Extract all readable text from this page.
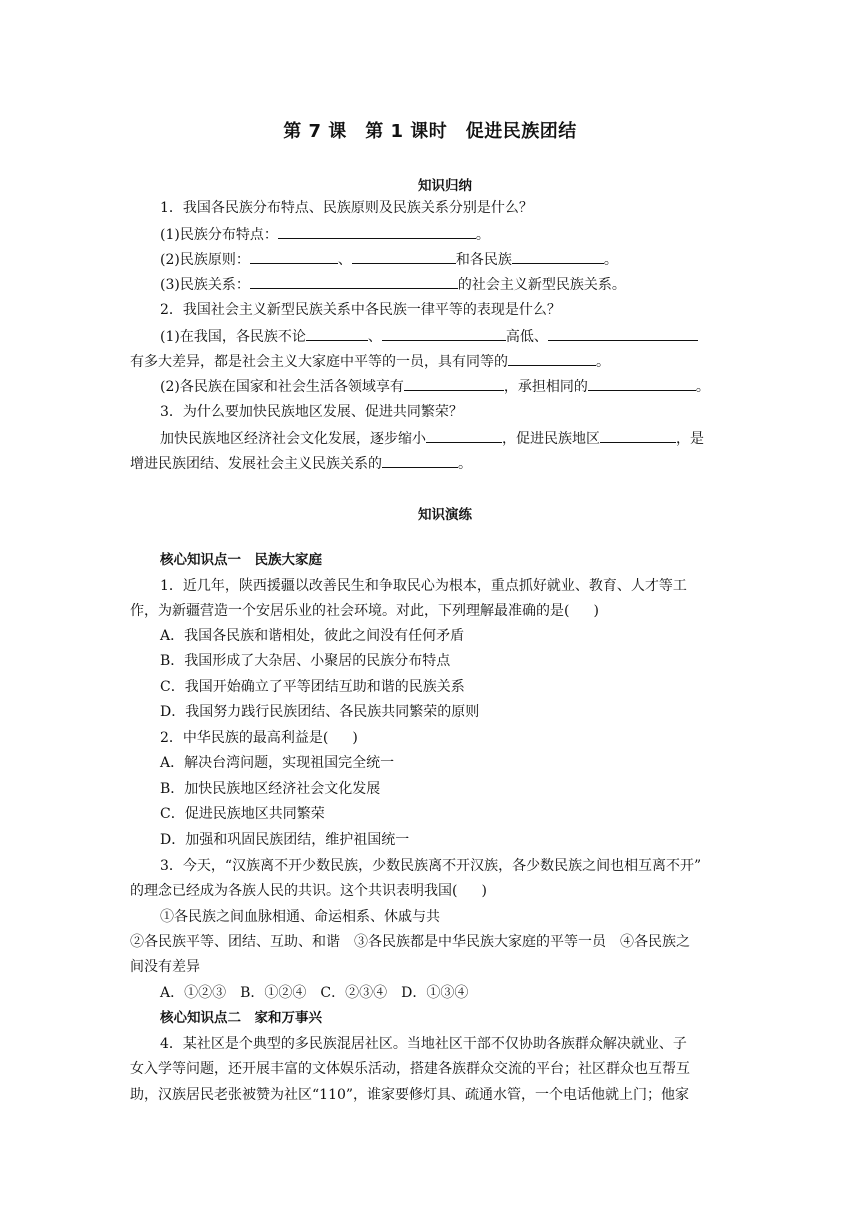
第 7 课　第 1 课时　促进民族团结
知识归纳
1．我国各民族分布特点、民族原则及民族关系分别是什么？
(1)民族分布特点：	。
(2)民族原则：	、	和各民族	。
(3)民族关系：	的社会主义新型民族关系。
2．我国社会主义新型民族关系中各民族一律平等的表现是什么？
(1)在我国，各民族不论	、	高低、
有多大差异，都是社会主义大家庭中平等的一员，具有同等的	。
(2)各民族在国家和社会生活各领域享有	，承担相同的	。
3．为什么要加快民族地区发展、促进共同繁荣？
加快民族地区经济社会文化发展，逐步缩小	，促进民族地区	，是
增进民族团结、发展社会主义民族关系的	。
知识演练
核心知识点一　民族大家庭
1．近几年，陕西援疆以改善民生和争取民心为根本，重点抓好就业、教育、人才等工
作，为新疆营造一个安居乐业的社会环境。对此，下列理解最准确的是( )
A．我国各民族和谐相处，彼此之间没有任何矛盾
B．我国形成了大杂居、小聚居的民族分布特点
C．我国开始确立了平等团结互助和谐的民族关系
D．我国努力践行民族团结、各民族共同繁荣的原则
2．中华民族的最高利益是( )
A．解决台湾问题，实现祖国完全统一
B．加快民族地区经济社会文化发展
C．促进民族地区共同繁荣
D．加强和巩固民族团结，维护祖国统一
3．今天，“汉族离不开少数民族，少数民族离不开汉族，各少数民族之间也相互离不开”
的理念已经成为各族人民的共识。这个共识表明我国( )
①各民族之间血脉相通、命运相系、休戚与共
②各民族平等、团结、互助、和谐　③各民族都是中华民族大家庭的平等一员　④各民族之
间没有差异
A．①②③　B．①②④　C．②③④　D．①③④
核心知识点二　家和万事兴
4．某社区是个典型的多民族混居社区。当地社区干部不仅协助各族群众解决就业、子
女入学等问题，还开展丰富的文体娱乐活动，搭建各族群众交流的平台；社区群众也互帮互
助，汉族居民老张被赞为社区“110”，谁家要修灯具、疏通水管，一个电话他就上门；他家
